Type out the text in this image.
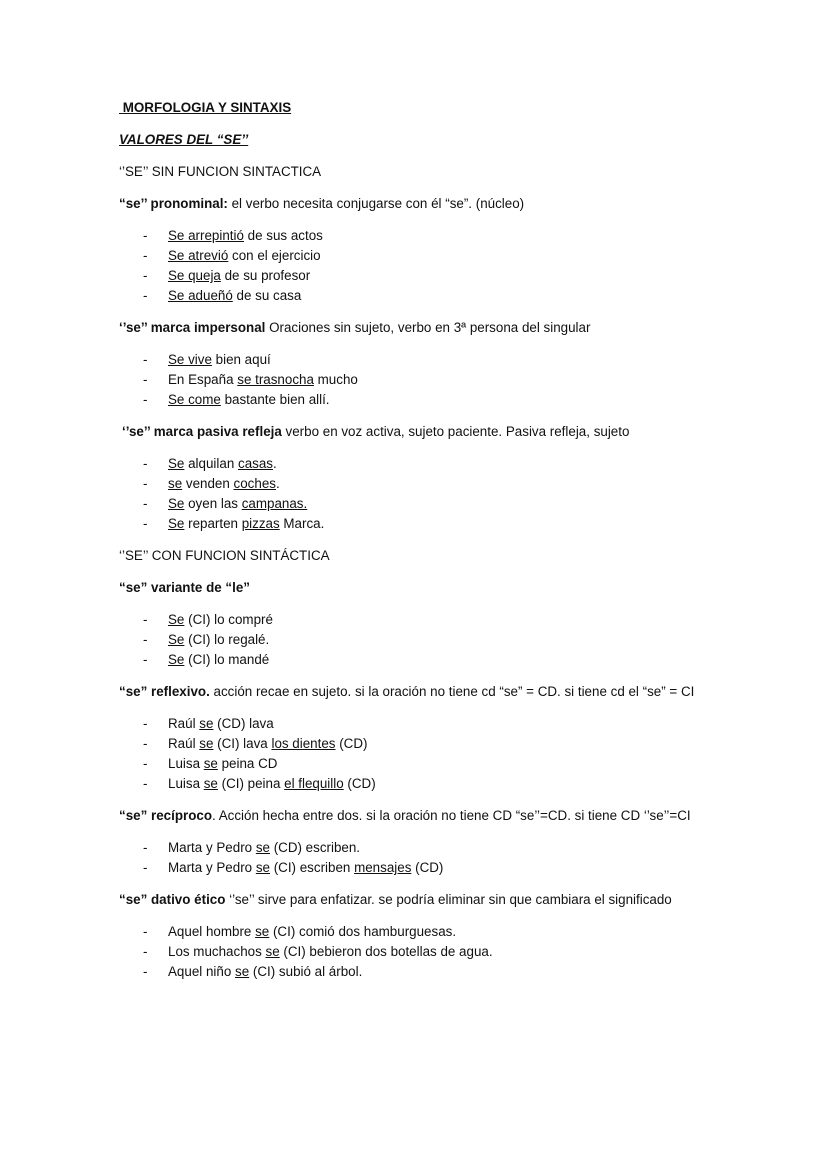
MORFOLOGIA Y SINTAXIS
VALORES DEL “SE’’
‘’SE’’ SIN FUNCION SINTACTICA
“se’’ pronominal: el verbo necesita conjugarse con él “se”. (núcleo)
- Se arrepintió de sus actos
- Se atrevió con el ejercicio
- Se queja de su profesor
- Se adueñó de su casa
‘’se’’ marca impersonal Oraciones sin sujeto, verbo en 3ª persona del singular
- Se vive bien aquí
- En España se trasnocha mucho
- Se come bastante bien allí.
‘’se’’ marca pasiva refleja verbo en voz activa, sujeto paciente. Pasiva refleja, sujeto
- Se alquilan casas.
- se venden coches.
- Se oyen las campanas.
- Se reparten pizzas Marca.
‘’SE’’ CON FUNCION SINTÁCTICA
“se” variante de “le”
- Se (CI) lo compré
- Se (CI) lo regalé.
- Se (CI) lo mandé
“se” reflexivo. acción recae en sujeto. si la oración no tiene cd “se” = CD. si tiene cd el “se” = CI
- Raúl se (CD) lava
- Raúl se (CI) lava los dientes (CD)
- Luisa se peina CD
- Luisa se (CI) peina el flequillo (CD)
“se” recíproco. Acción hecha entre dos. si la oración no tiene CD “se’’=CD. si tiene CD ‘’se’’=CI
- Marta y Pedro se (CD) escriben.
- Marta y Pedro se (CI) escriben mensajes (CD)
“se” dativo ético ‘’se’’ sirve para enfatizar. se podría eliminar sin que cambiara el significado
- Aquel hombre se (CI) comió dos hamburguesas.
- Los muchachos se (CI) bebieron dos botellas de agua.
- Aquel niño se (CI) subió al árbol.
